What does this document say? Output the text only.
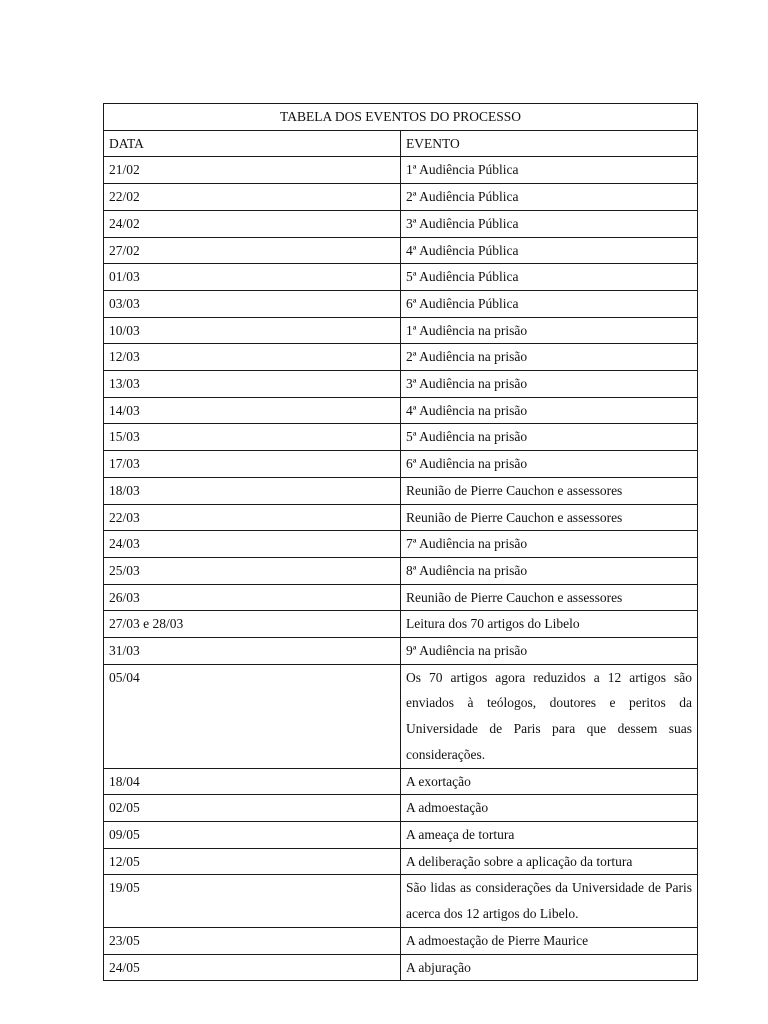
TABELA DOS EVENTOS DO PROCESSO	
DATA	EVENTO
21/02	1ª Audiência Pública
22/02	2ª Audiência Pública
24/02	3ª Audiência Pública
27/02	4ª Audiência Pública
01/03	5ª Audiência Pública
03/03	6ª Audiência Pública
10/03	1ª Audiência na prisão
12/03	2ª Audiência na prisão
13/03	3ª Audiência na prisão
14/03	4ª Audiência na prisão
15/03	5ª Audiência na prisão
17/03	6ª Audiência na prisão
18/03	Reunião de Pierre Cauchon e assessores
22/03	Reunião de Pierre Cauchon e assessores
24/03	7ª Audiência na prisão
25/03	8ª Audiência na prisão
26/03	Reunião de Pierre Cauchon e assessores
27/03 e 28/03	Leitura dos 70 artigos do Libelo
31/03	9ª Audiência na prisão
05/04	Os 70 artigos agora reduzidos a 12 artigos são enviados à teólogos, doutores e peritos da Universidade de Paris para que dessem suas considerações.
18/04	A exortação
02/05	A admoestação
09/05	A ameaça de tortura
12/05	A deliberação sobre a aplicação da tortura
19/05	São lidas as considerações da Universidade de Paris acerca dos 12 artigos do Libelo.
23/05	A admoestação de Pierre Maurice
24/05	A abjuração
